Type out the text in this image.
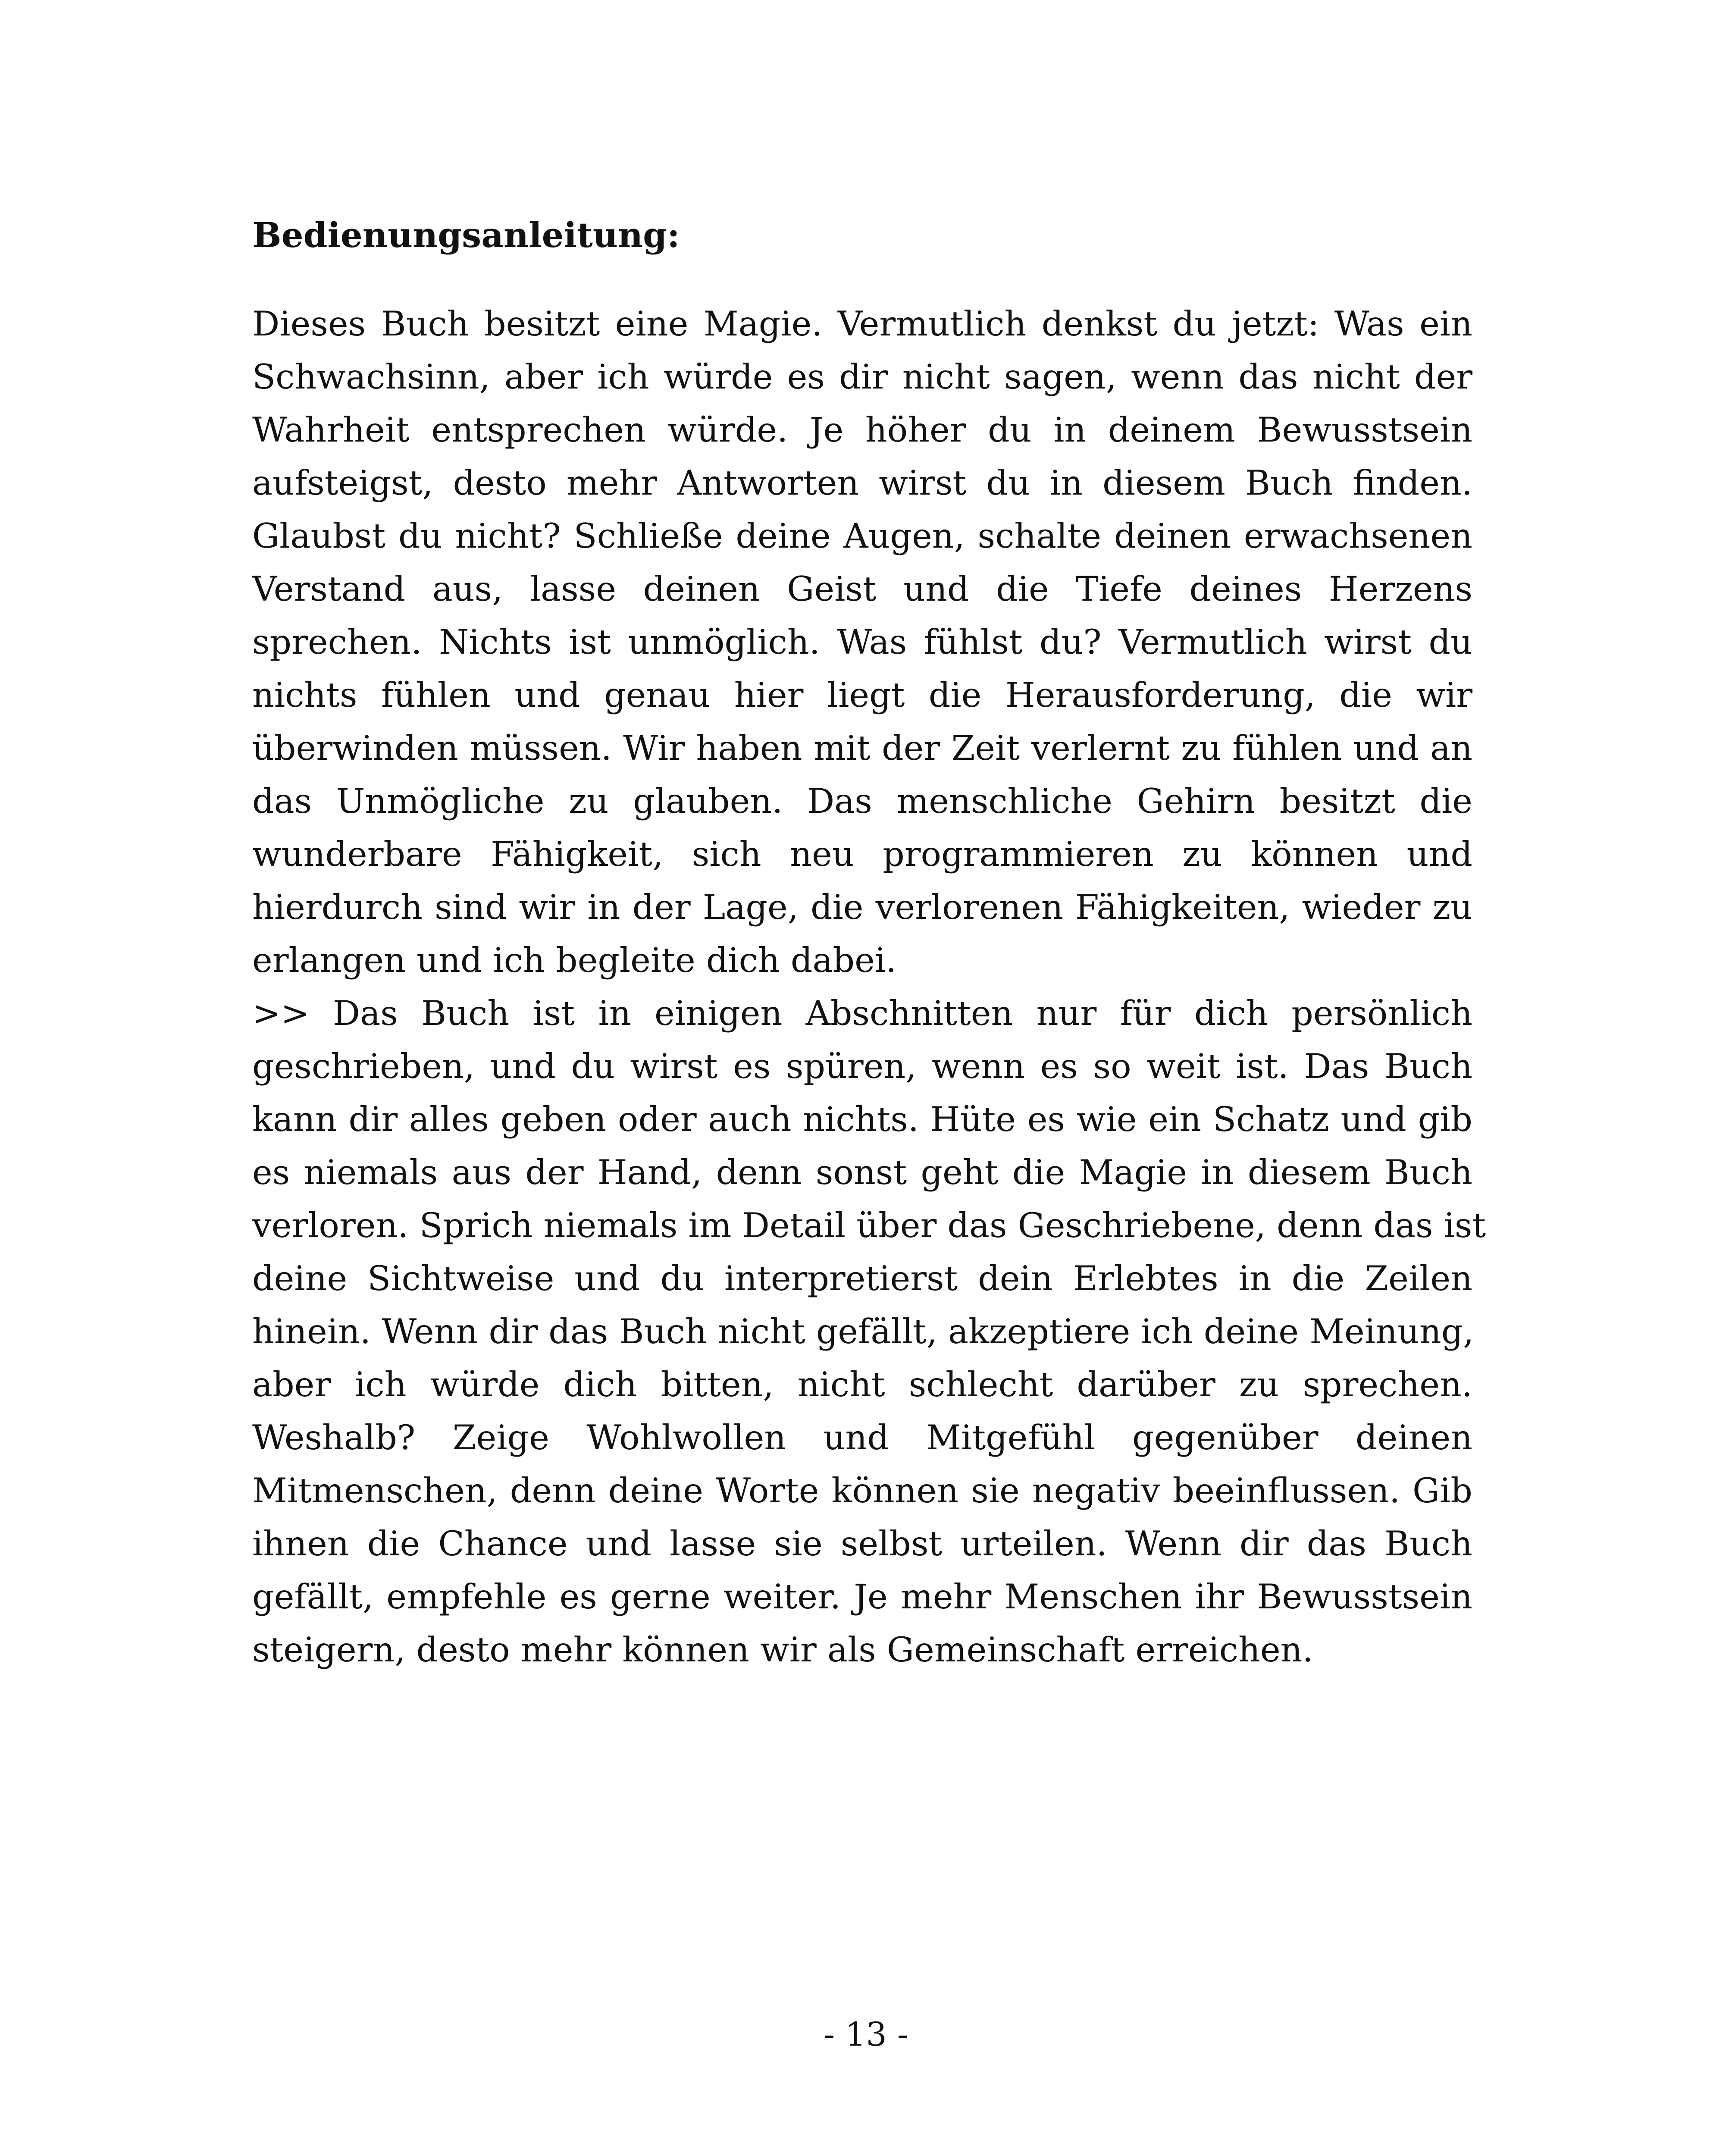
Bedienungsanleitung:
Dieses Buch besitzt eine Magie. Vermutlich denkst du jetzt: Was ein
Schwachsinn, aber ich würde es dir nicht sagen, wenn das nicht der
Wahrheit entsprechen würde. Je höher du in deinem Bewusstsein
aufsteigst, desto mehr Antworten wirst du in diesem Buch finden.
Glaubst du nicht? Schließe deine Augen, schalte deinen erwachsenen
Verstand aus, lasse deinen Geist und die Tiefe deines Herzens
sprechen. Nichts ist unmöglich. Was fühlst du? Vermutlich wirst du
nichts fühlen und genau hier liegt die Herausforderung, die wir
überwinden müssen. Wir haben mit der Zeit verlernt zu fühlen und an
das Unmögliche zu glauben. Das menschliche Gehirn besitzt die
wunderbare Fähigkeit, sich neu programmieren zu können und
hierdurch sind wir in der Lage, die verlorenen Fähigkeiten, wieder zu
erlangen und ich begleite dich dabei.
>> Das Buch ist in einigen Abschnitten nur für dich persönlich
geschrieben, und du wirst es spüren, wenn es so weit ist. Das Buch
kann dir alles geben oder auch nichts. Hüte es wie ein Schatz und gib
es niemals aus der Hand, denn sonst geht die Magie in diesem Buch
verloren. Sprich niemals im Detail über das Geschriebene, denn das ist
deine Sichtweise und du interpretierst dein Erlebtes in die Zeilen
hinein. Wenn dir das Buch nicht gefällt, akzeptiere ich deine Meinung,
aber ich würde dich bitten, nicht schlecht darüber zu sprechen.
Weshalb? Zeige Wohlwollen und Mitgefühl gegenüber deinen
Mitmenschen, denn deine Worte können sie negativ beeinflussen. Gib
ihnen die Chance und lasse sie selbst urteilen. Wenn dir das Buch
gefällt, empfehle es gerne weiter. Je mehr Menschen ihr Bewusstsein
steigern, desto mehr können wir als Gemeinschaft erreichen.
- 13 -
